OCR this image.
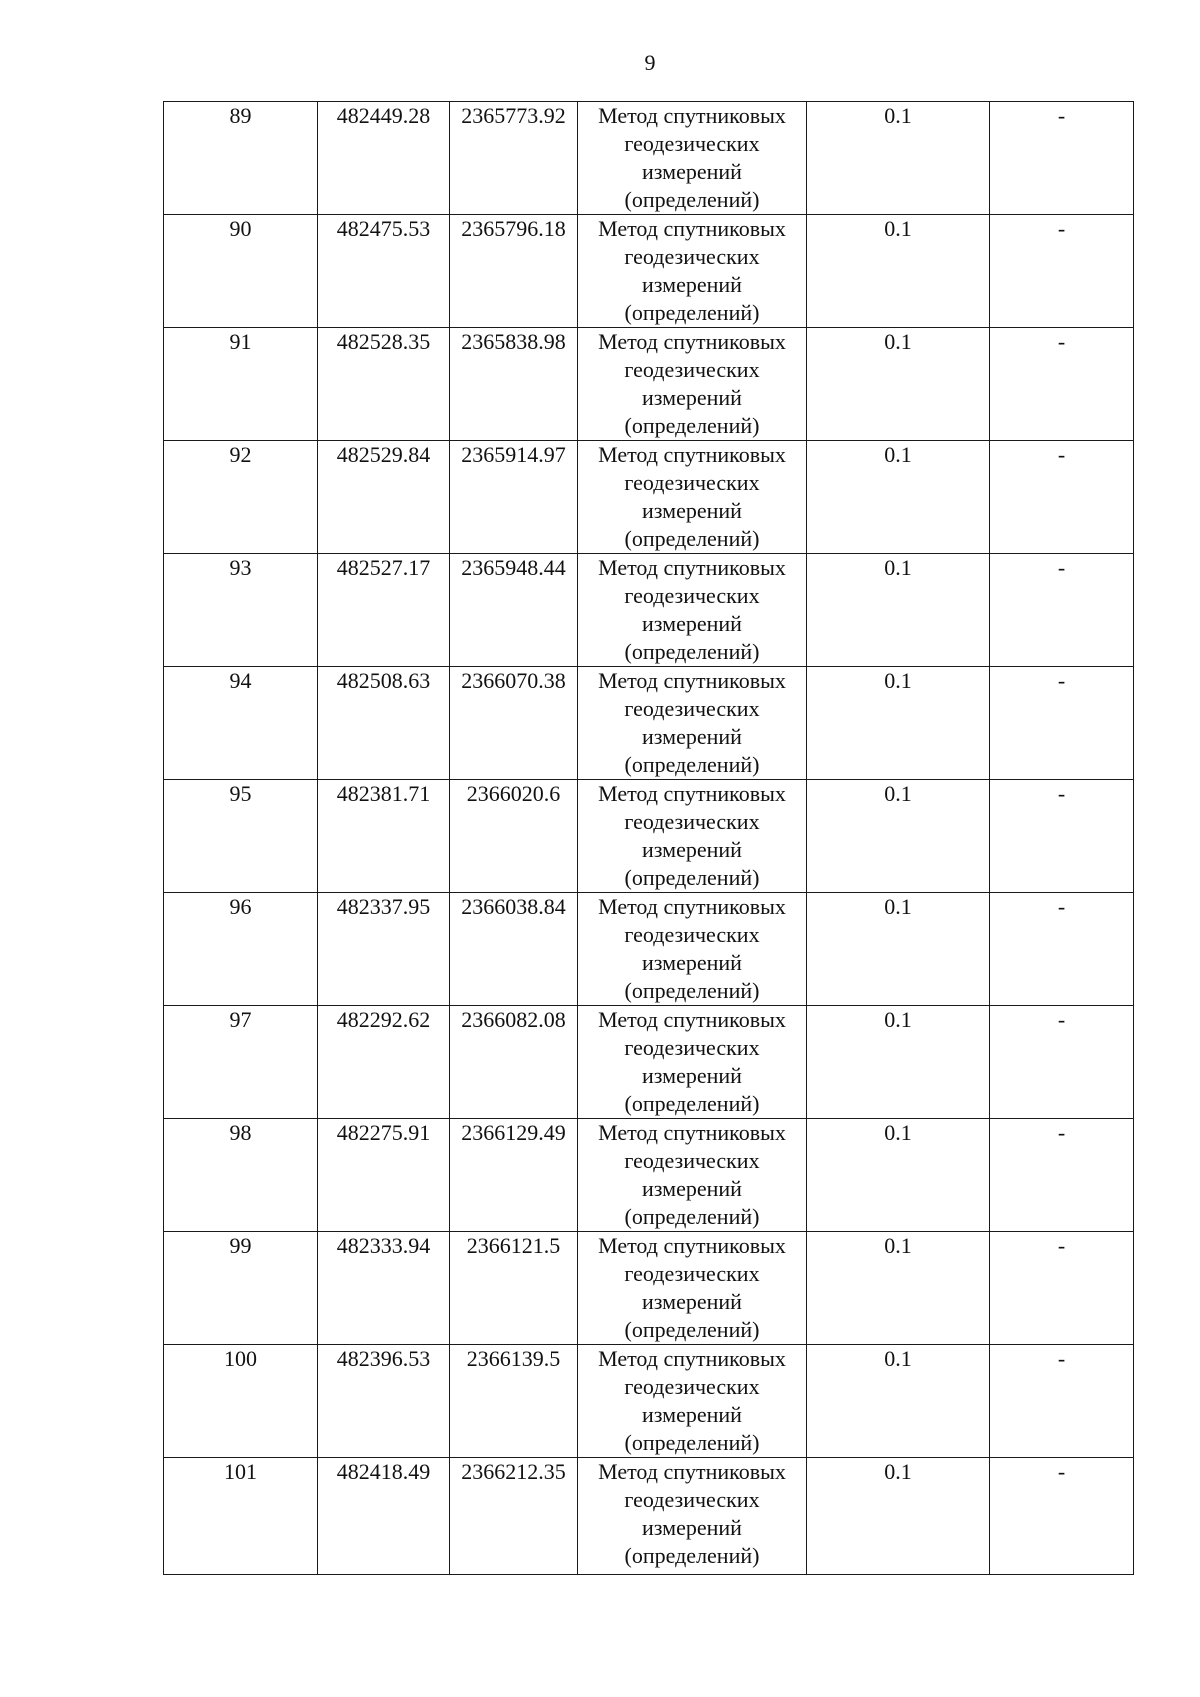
9
89	482449.28	2365773.92	Метод спутниковых геодезических измерений (определений)	0.1	-
90	482475.53	2365796.18	Метод спутниковых геодезических измерений (определений)	0.1	-
91	482528.35	2365838.98	Метод спутниковых геодезических измерений (определений)	0.1	-
92	482529.84	2365914.97	Метод спутниковых геодезических измерений (определений)	0.1	-
93	482527.17	2365948.44	Метод спутниковых геодезических измерений (определений)	0.1	-
94	482508.63	2366070.38	Метод спутниковых геодезических измерений (определений)	0.1	-
95	482381.71	2366020.6	Метод спутниковых геодезических измерений (определений)	0.1	-
96	482337.95	2366038.84	Метод спутниковых геодезических измерений (определений)	0.1	-
97	482292.62	2366082.08	Метод спутниковых геодезических измерений (определений)	0.1	-
98	482275.91	2366129.49	Метод спутниковых геодезических измерений (определений)	0.1	-
99	482333.94	2366121.5	Метод спутниковых геодезических измерений (определений)	0.1	-
100	482396.53	2366139.5	Метод спутниковых геодезических измерений (определений)	0.1	-
101	482418.49	2366212.35	Метод спутниковых геодезических измерений (определений)	0.1	-
